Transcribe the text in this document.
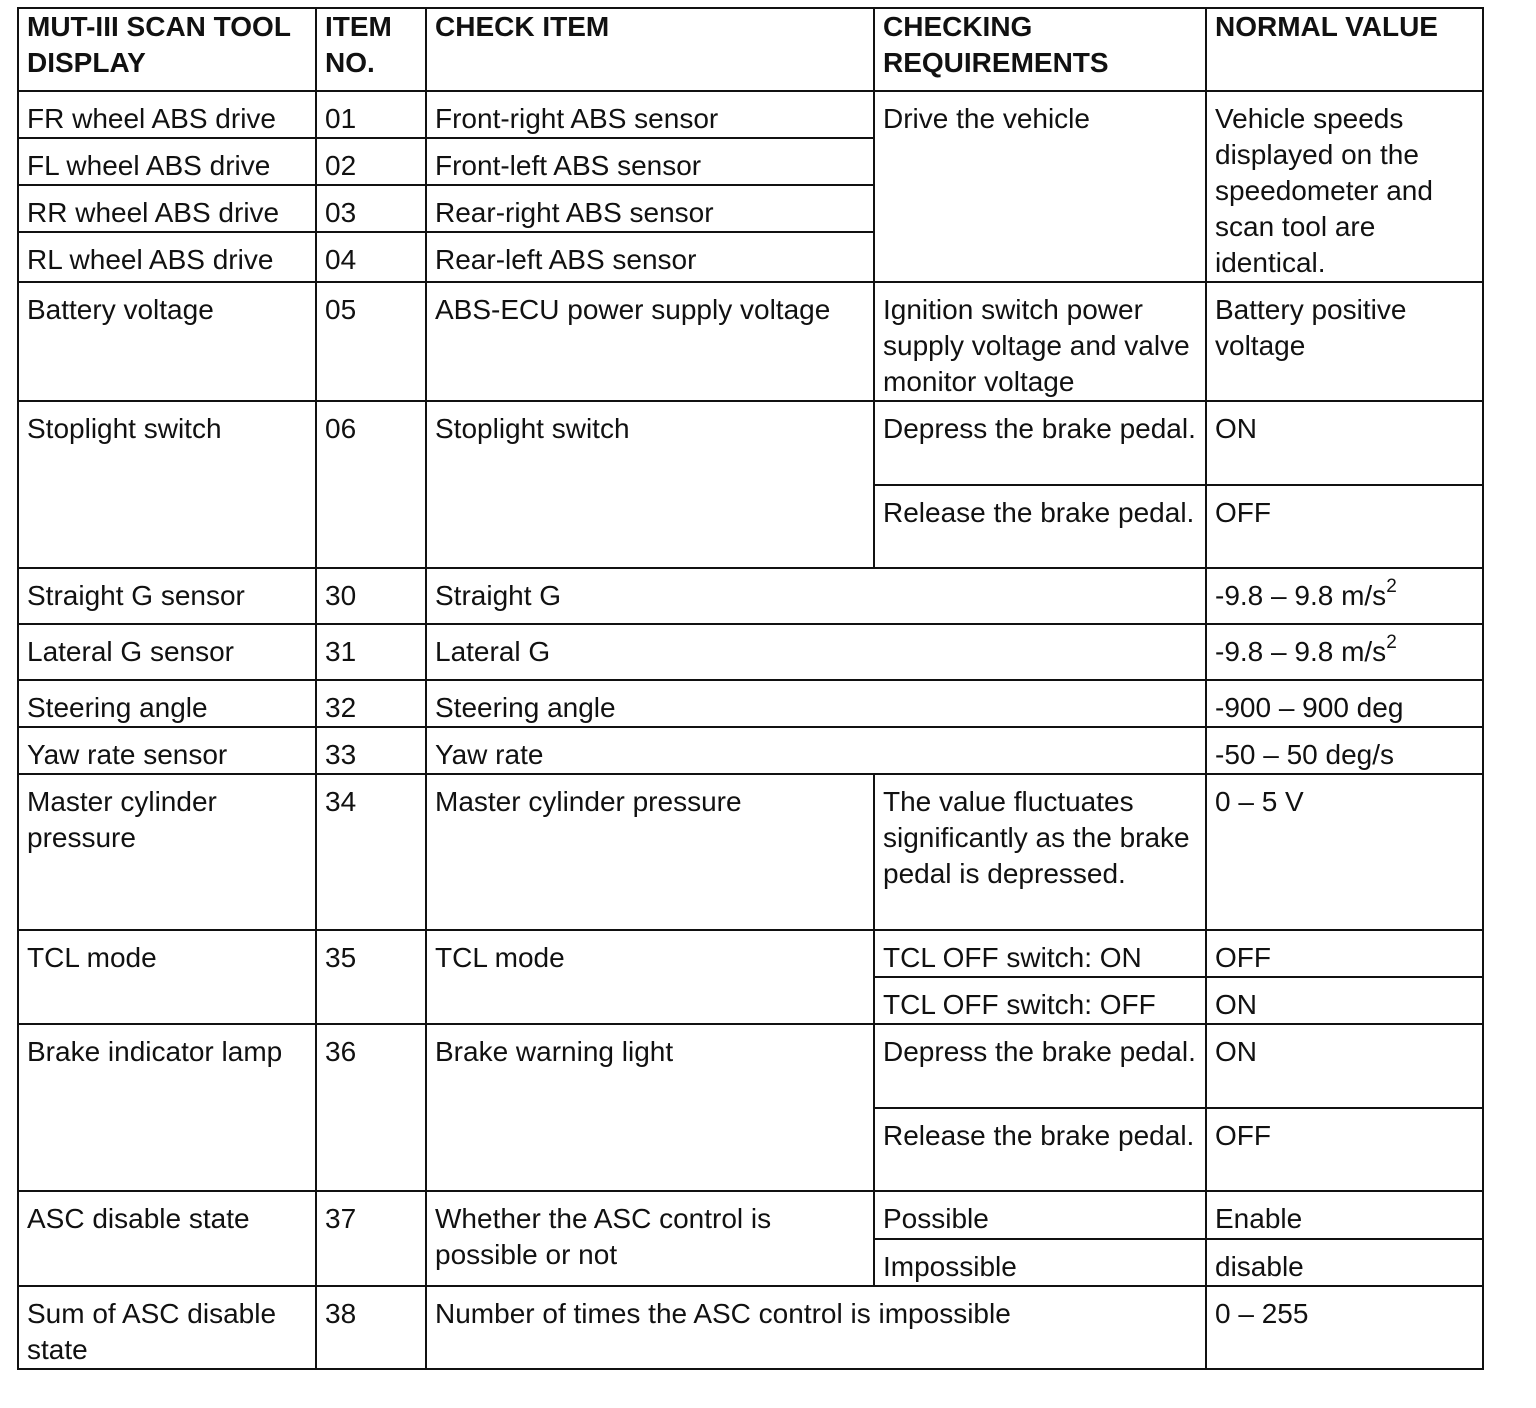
MUT-III SCAN TOOL DISPLAY	ITEM NO.	CHECK ITEM	CHECKING REQUIREMENTS	NORMAL VALUE
FR wheel ABS drive	01	Front-right ABS sensor	Drive the vehicle	Vehicle speeds displayed on the speedometer and scan tool are identical.
FL wheel ABS drive	02	Front-left ABS sensor		
RR wheel ABS drive	03	Rear-right ABS sensor		
RL wheel ABS drive	04	Rear-left ABS sensor		
Battery voltage	05	ABS-ECU power supply voltage	Ignition switch power supply voltage and valve monitor voltage	Battery positive voltage
Stoplight switch	06	Stoplight switch	Depress the brake pedal.	ON
			Release the brake pedal.	OFF
Straight G sensor	30	Straight G		-9.8 – 9.8 $m/s^2$
Lateral G sensor	31	Lateral G		-9.8 – 9.8 $m/s^2$
Steering angle	32	Steering angle		-900 – 900 deg
Yaw rate sensor	33	Yaw rate		-50 – 50 deg/s
Master cylinder pressure	34	Master cylinder pressure	The value fluctuates significantly as the brake pedal is depressed.	0 – 5 V
TCL mode	35	TCL mode	TCL OFF switch: ON	OFF
			TCL OFF switch: OFF	ON
Brake indicator lamp	36	Brake warning light	Depress the brake pedal.	ON
			Release the brake pedal.	OFF
ASC disable state	37	Whether the ASC control is possible or not	Possible	Enable
			Impossible	disable
Sum of ASC disable state	38	Number of times the ASC control is impossible		0 – 255
